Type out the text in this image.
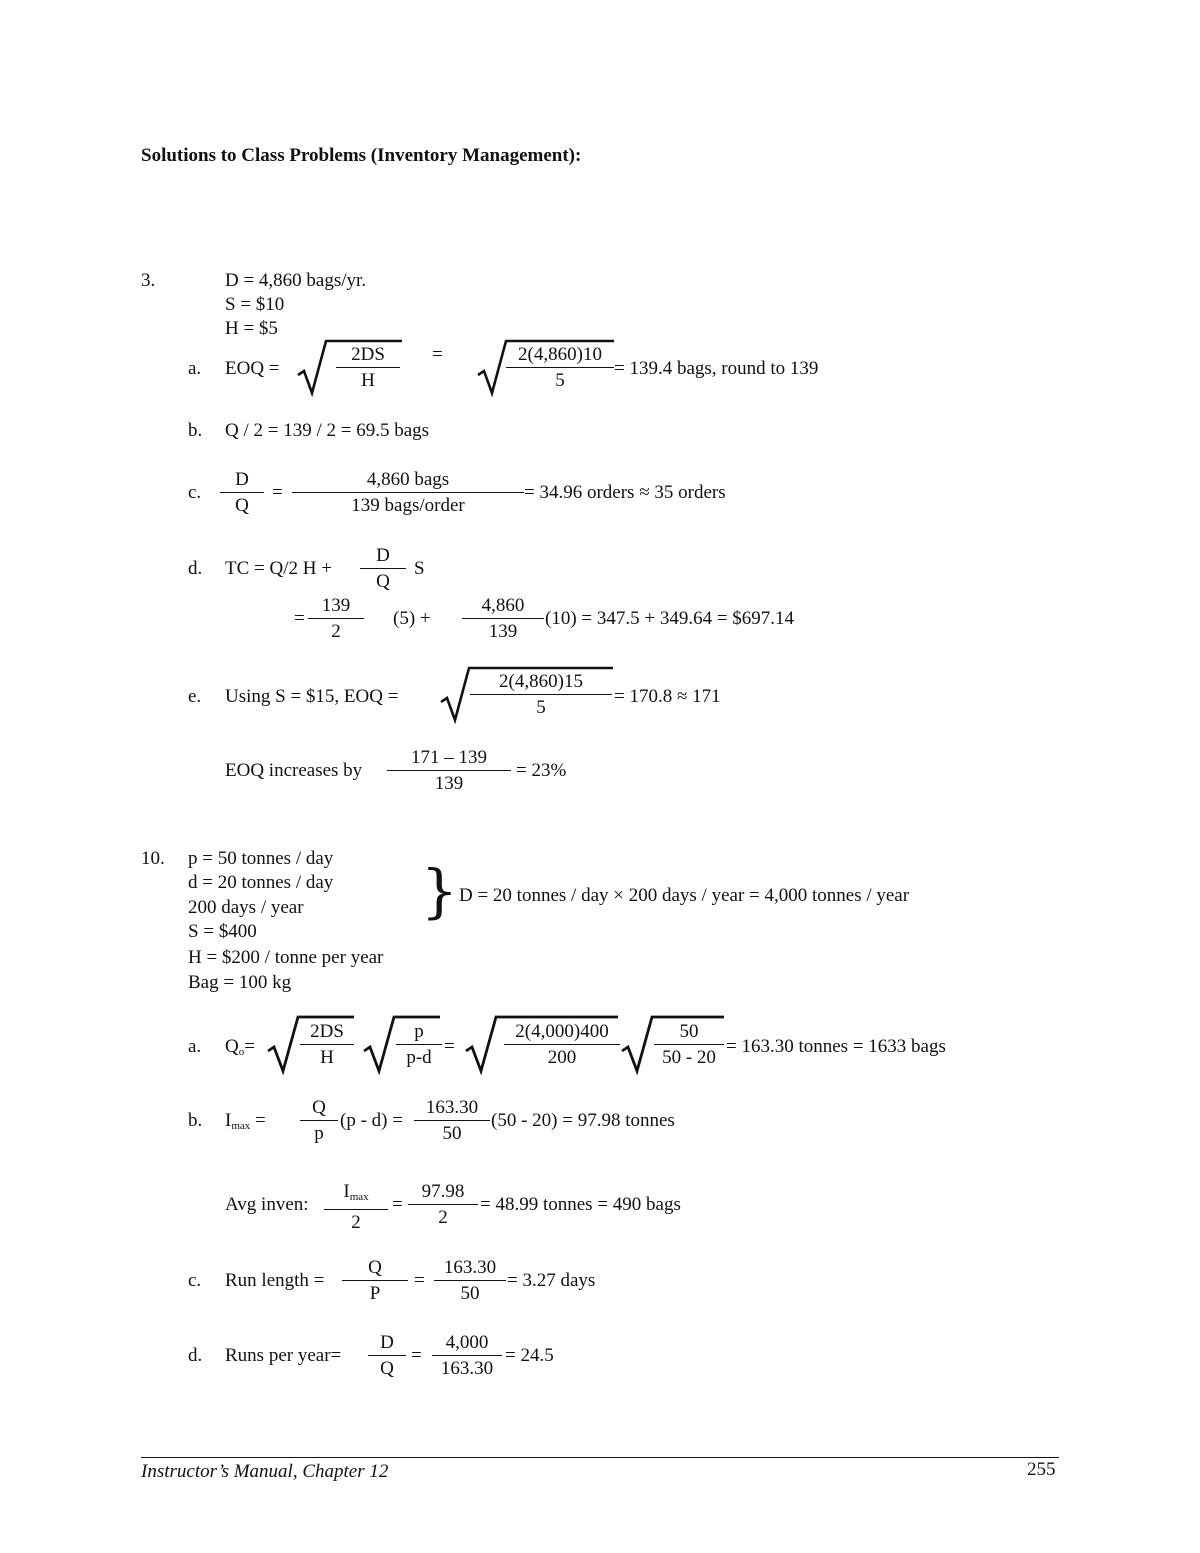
Solutions to Class Problems (Inventory Management):
3.	D = 4,860 bags/yr.
S = $10
H = $5
a. EOQ =	$\frac{2DS}{H}$ =	$\frac{2(4,860)10}{5} = 139.4$ bags, round to 139
b. Q / 2 = 139 / 2 = 69.5 bags
c. $\frac{D}{Q}$ =
4,860 bags
139 bags/order
= 34.96 orders ≈ 35 orders
d. TC = Q/2 $H + \frac{D}{Q}$ S
= $\frac{139}{2} (5) + \frac{4,860}{139} (10) = 347.5 + 349.64$ = $697.14
e. Using S = $15, EOQ =	$\frac{2(4,860)15}{5} = 170.8 \approx 171$
EOQ increases by $\frac{171 - 139}{139} = 23\%$
10. p = 50 tonnes / day
d = 20 tonnes / day
200 days / year
S = $400
H = $200 / tonne per year
Bag = 100 kg
} D = 20 tonnes / day × 200 days / year = 4,000 tonnes / year
a. $Q_o= \frac{2DS}{H} \frac{p}{p-d}$ =	$\frac{2(4,000)400}{200} \frac{50}{50 - 20} = 163.30$ tonnes = 1633 bags
b. $I_{max} = \frac{Q}{p} (p - d) = \frac{163.30}{50} (50 - 20) = 97.98$ tonnes
Avg inven:
$I_{max}$
2
= $\frac{97.98}{2} = 48.99$ tonnes = 490 bags
c. Run length = $\frac{Q}{P} = \frac{163.30}{50} = 3.27$ days
d. Runs per year= $\frac{D}{Q} = \frac{4,000}{163.30} = 24.5$
Instructor’s Manual, Chapter 12	255
